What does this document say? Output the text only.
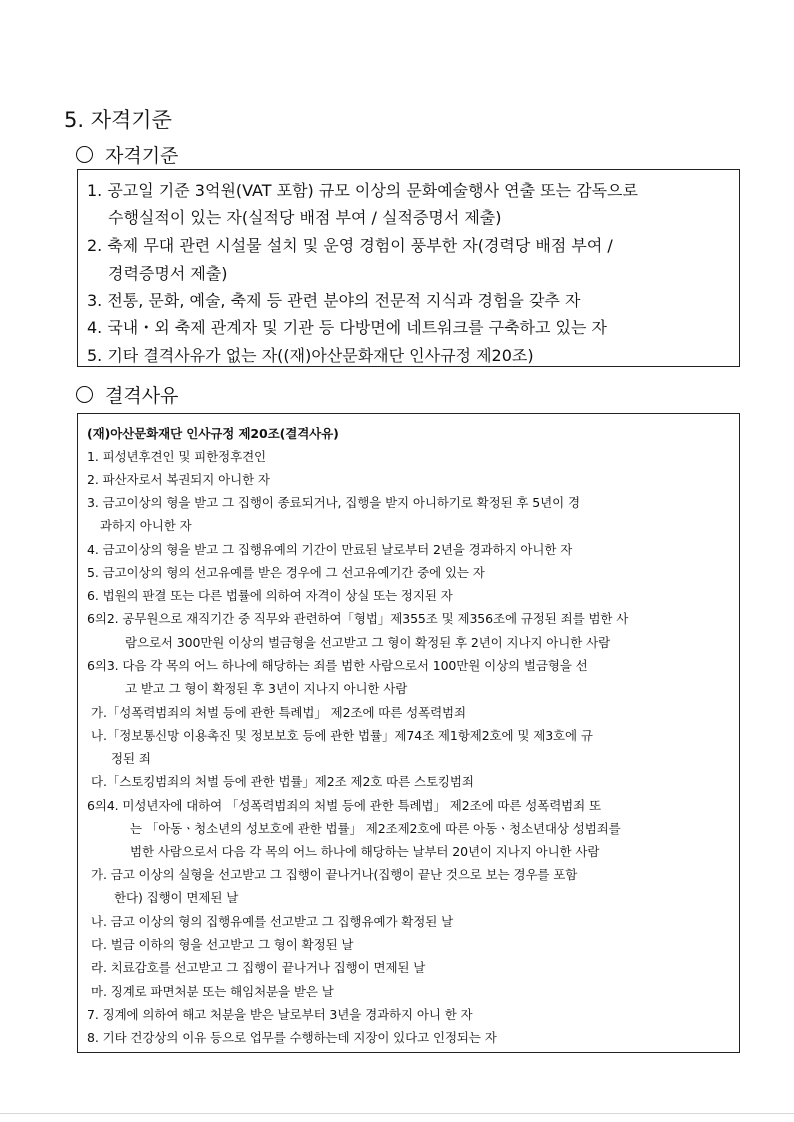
5. 자격기준
자격기준
1. 공고일 기준 3억원(VAT 포함) 규모 이상의 문화예술행사 연출 또는 감독으로
수행실적이 있는 자(실적당 배점 부여 / 실적증명서 제출)
2. 축제 무대 관련 시설물 설치 및 운영 경험이 풍부한 자(경력당 배점 부여 /
경력증명서 제출)
3. 전통, 문화, 예술, 축제 등 관련 분야의 전문적 지식과 경험을 갖추 자
4. 국내・외 축제 관계자 및 기관 등 다방면에 네트워크를 구축하고 있는 자
5. 기타 결격사유가 없는 자((재)아산문화재단 인사규정 제20조)
결격사유
(재)아산문화재단 인사규정 제20조(결격사유)
1. 피성년후견인 및 피한정후견인
2. 파산자로서 복권되지 아니한 자
3. 금고이상의 형을 받고 그 집행이 종료되거나, 집행을 받지 아니하기로 확정된 후 5년이 경
과하지 아니한 자
4. 금고이상의 형을 받고 그 집행유예의 기간이 만료된 날로부터 2년을 경과하지 아니한 자
5. 금고이상의 형의 선고유예를 받은 경우에 그 선고유예기간 중에 있는 자
6. 법원의 판결 또는 다른 법률에 의하여 자격이 상실 또는 정지된 자
6의2. 공무원으로 재직기간 중 직무와 관련하여「형법」제355조 및 제356조에 규정된 죄를 범한 사
람으로서 300만원 이상의 벌금형을 선고받고 그 형이 확정된 후 2년이 지나지 아니한 사람
6의3. 다음 각 목의 어느 하나에 해당하는 죄를 범한 사람으로서 100만원 이상의 벌금형을 선
고 받고 그 형이 확정된 후 3년이 지나지 아니한 사람
가.「성폭력범죄의 처벌 등에 관한 특례법」 제2조에 따른 성폭력범죄
나.「정보통신망 이용촉진 및 정보보호 등에 관한 법률」제74조 제1항제2호에 및 제3호에 규
정된 죄
다.「스토킹범죄의 처벌 등에 관한 법률」제2조 제2호 따른 스토킹범죄
6의4. 미성년자에 대하여 「성폭력범죄의 처벌 등에 관한 특례법」 제2조에 따른 성폭력범죄 또
는 「아동ㆍ청소년의 성보호에 관한 법률」 제2조제2호에 따른 아동ㆍ청소년대상 성범죄를
범한 사람으로서 다음 각 목의 어느 하나에 해당하는 날부터 20년이 지나지 아니한 사람
가. 금고 이상의 실형을 선고받고 그 집행이 끝나거나(집행이 끝난 것으로 보는 경우를 포함
한다) 집행이 면제된 날
나. 금고 이상의 형의 집행유예를 선고받고 그 집행유예가 확정된 날
다. 벌금 이하의 형을 선고받고 그 형이 확정된 날
라. 치료감호를 선고받고 그 집행이 끝나거나 집행이 면제된 날
마. 징계로 파면처분 또는 해임처분을 받은 날
7. 징계에 의하여 해고 처분을 받은 날로부터 3년을 경과하지 아니 한 자
8. 기타 건강상의 이유 등으로 업무를 수행하는데 지장이 있다고 인정되는 자
